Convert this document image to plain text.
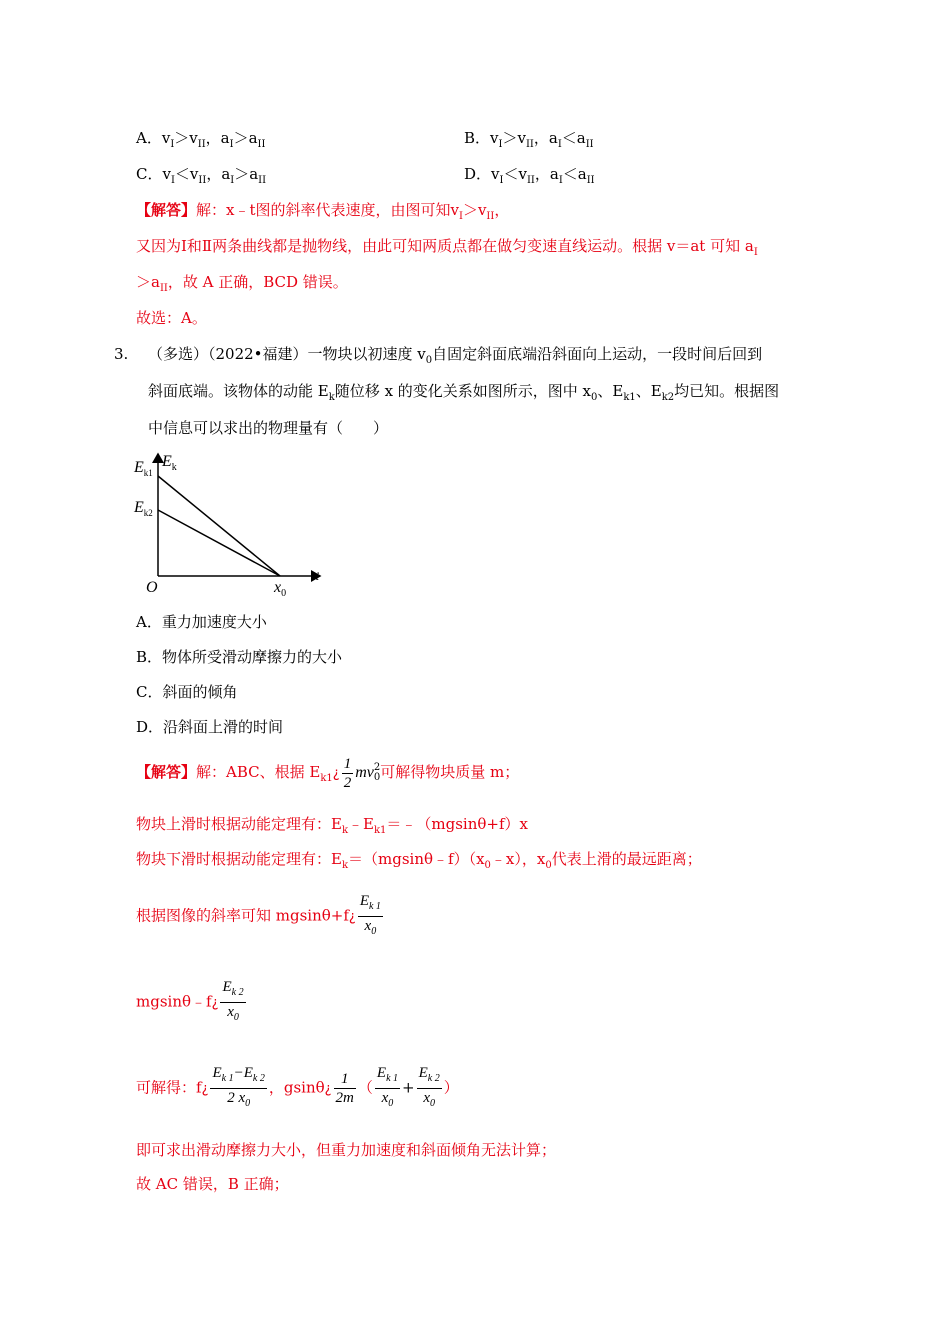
A．$v_I>v_{II}$，$a_I>a_{II}$	B．$v_I>v_{II}$，$a_I<a_{II}$
C．$v_I<v_{II}$，$a_I>a_{II}$	D．$v_I<v_{II}$，$a_I<a_{II}$
【解答】解：x﹣t图的斜率代表速度，由图可知$v_I>v_{II}$，
又因为Ⅰ和Ⅱ两条曲线都是抛物线，由此可知两质点都在做匀变速直线运动。根据 v＝at 可知 $a_I$
$>a_{II}$，故 A 正确，BCD 错误。
故选：A。
3. （多选）（2022•福建）一物块以初速度 $v_0$自固定斜面底端沿斜面向上运动，一段时间后回到
斜面底端。该物体的动能 $E_k$随位移 x 的变化关系如图所示，图中 $x_0$、$E_{k1}$、$E_{k2}$均已知。根据图
中信息可以求出的物理量有（　　）
$E_k$
$E_{k1}$
$E_{k2}$
O
x
$x_0$
A．重力加速度大小
B．物体所受滑动摩擦力的大小
C．斜面的倾角
D．沿斜面上滑的时间
【解答】解：ABC、根据 $E_{k1}¿ \frac{1}{2}$ mv 2
0 可解得物块质量 m；
物块上滑时根据动能定理有：$E_k﹣E_{k1}=﹣(mgsin\theta+f)x$
物块下滑时根据动能定理有：$E_k=(mgsin\theta﹣f)(x_0﹣x)$，$x_0$代表上滑的最远距离；
根据图像的斜率可知 mgsinθ+f¿ $\frac{E_{k 1}}{x_0}$
mgsinθ﹣f¿ $\frac{E_{k 2}}{x_0}$
可解得：f¿ $\frac{E_{k 1}-E_{k 2}}{2 x_0}$ ，gsinθ¿ $\frac{1}{2m}$ （ $\frac{E_{k 1}}{x_0} + \frac{E_{k 2}}{x_0}$ ）
即可求出滑动摩擦力大小，但重力加速度和斜面倾角无法计算；
故 AC 错误，B 正确；
